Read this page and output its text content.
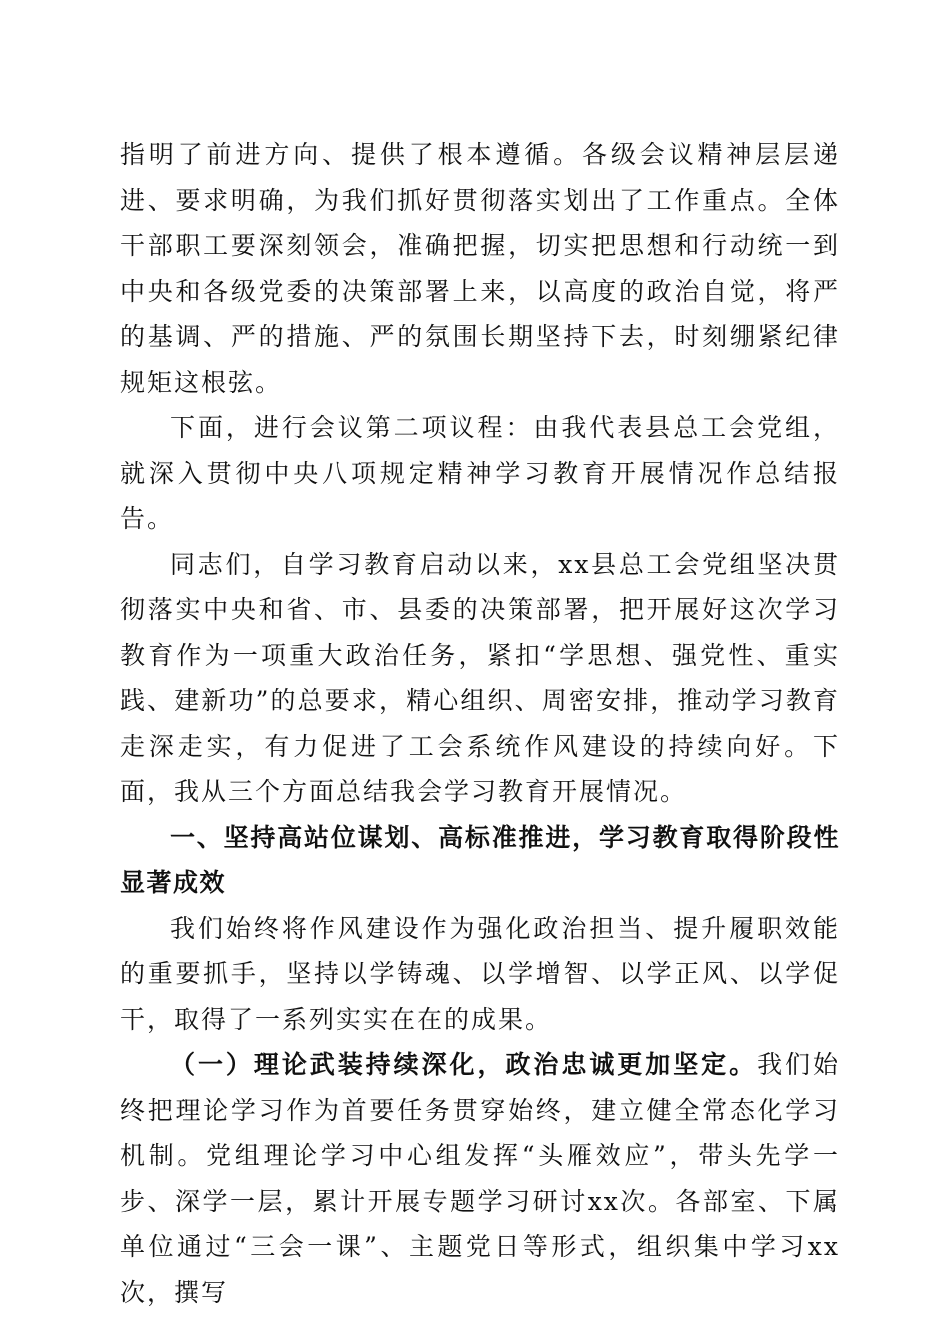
指明了前进方向、提供了根本遵循。各级会议精神层层递进、要求明确，为我们抓好贯彻落实划出了工作重点。全体干部职工要深刻领会，准确把握，切实把思想和行动统一到中央和各级党委的决策部署上来，以高度的政治自觉，将严的基调、严的措施、严的氛围长期坚持下去，时刻绷紧纪律规矩这根弦。

下面，进行会议第二项议程：由我代表县总工会党组，就深入贯彻中央八项规定精神学习教育开展情况作总结报告。

同志们，自学习教育启动以来，xx县总工会党组坚决贯彻落实中央和省、市、县委的决策部署，把开展好这次学习教育作为一项重大政治任务，紧扣“学思想、强党性、重实践、建新功”的总要求，精心组织、周密安排，推动学习教育走深走实，有力促进了工会系统作风建设的持续向好。下面，我从三个方面总结我会学习教育开展情况。

一、坚持高站位谋划、高标准推进，学习教育取得阶段性显著成效

我们始终将作风建设作为强化政治担当、提升履职效能的重要抓手，坚持以学铸魂、以学增智、以学正风、以学促干，取得了一系列实实在在的成果。

（一）理论武装持续深化，政治忠诚更加坚定。我们始终把理论学习作为首要任务贯穿始终，建立健全常态化学习机制。党组理论学习中心组发挥“头雁效应”，带头先学一步、深学一层，累计开展专题学习研讨xx次。各部室、下属单位通过“三会一课”、主题党日等形式，组织集中学习xx次，撰写
